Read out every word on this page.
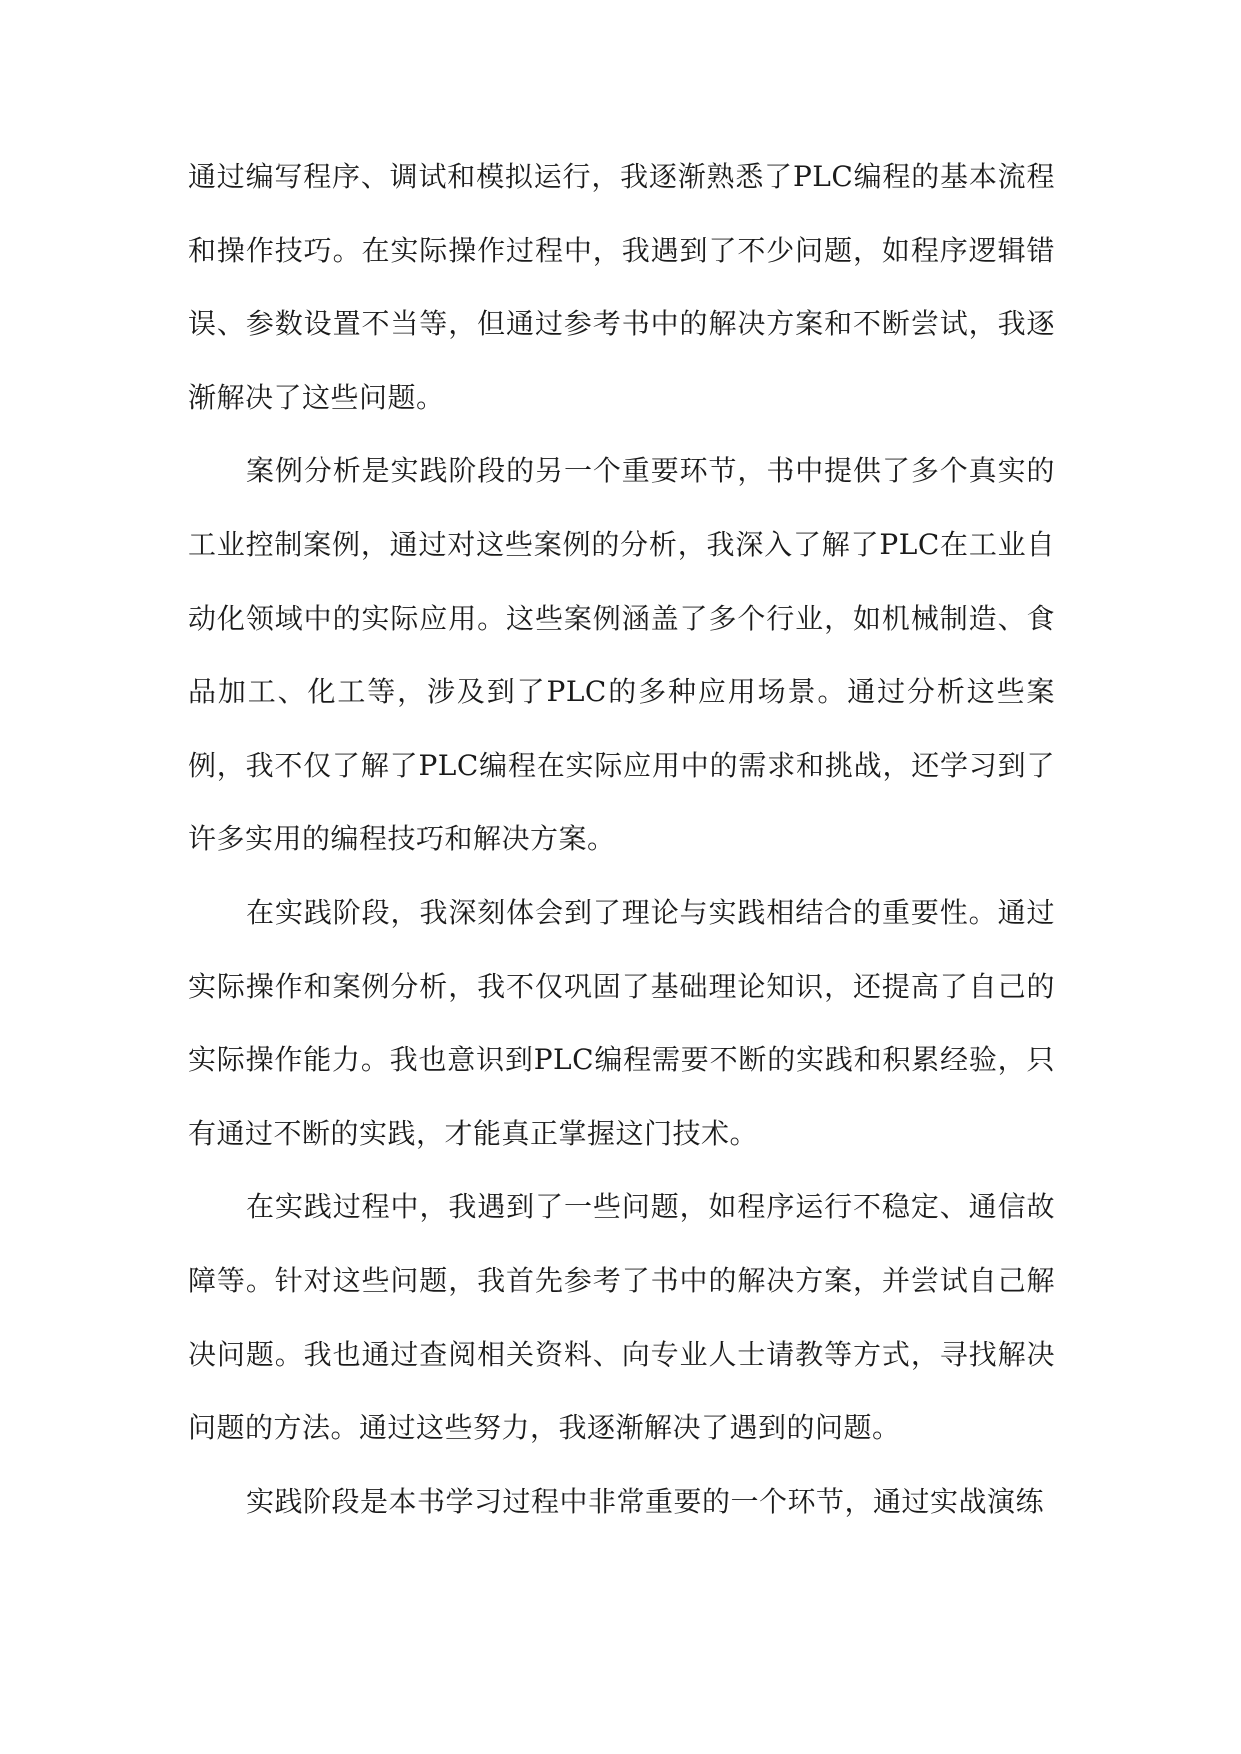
通过编写程序、调试和模拟运行，我逐渐熟悉了PLC编程的基本流程和操作技巧。在实际操作过程中，我遇到了不少问题，如程序逻辑错误、参数设置不当等，但通过参考书中的解决方案和不断尝试，我逐渐解决了这些问题。

案例分析是实践阶段的另一个重要环节，书中提供了多个真实的工业控制案例，通过对这些案例的分析，我深入了解了PLC在工业自动化领域中的实际应用。这些案例涵盖了多个行业，如机械制造、食品加工、化工等，涉及到了PLC的多种应用场景。通过分析这些案例，我不仅了解了PLC编程在实际应用中的需求和挑战，还学习到了许多实用的编程技巧和解决方案。

在实践阶段，我深刻体会到了理论与实践相结合的重要性。通过实际操作和案例分析，我不仅巩固了基础理论知识，还提高了自己的实际操作能力。我也意识到PLC编程需要不断的实践和积累经验，只有通过不断的实践，才能真正掌握这门技术。

在实践过程中，我遇到了一些问题，如程序运行不稳定、通信故障等。针对这些问题，我首先参考了书中的解决方案，并尝试自己解决问题。我也通过查阅相关资料、向专业人士请教等方式，寻找解决问题的方法。通过这些努力，我逐渐解决了遇到的问题。

实践阶段是本书学习过程中非常重要的一个环节，通过实战演练
